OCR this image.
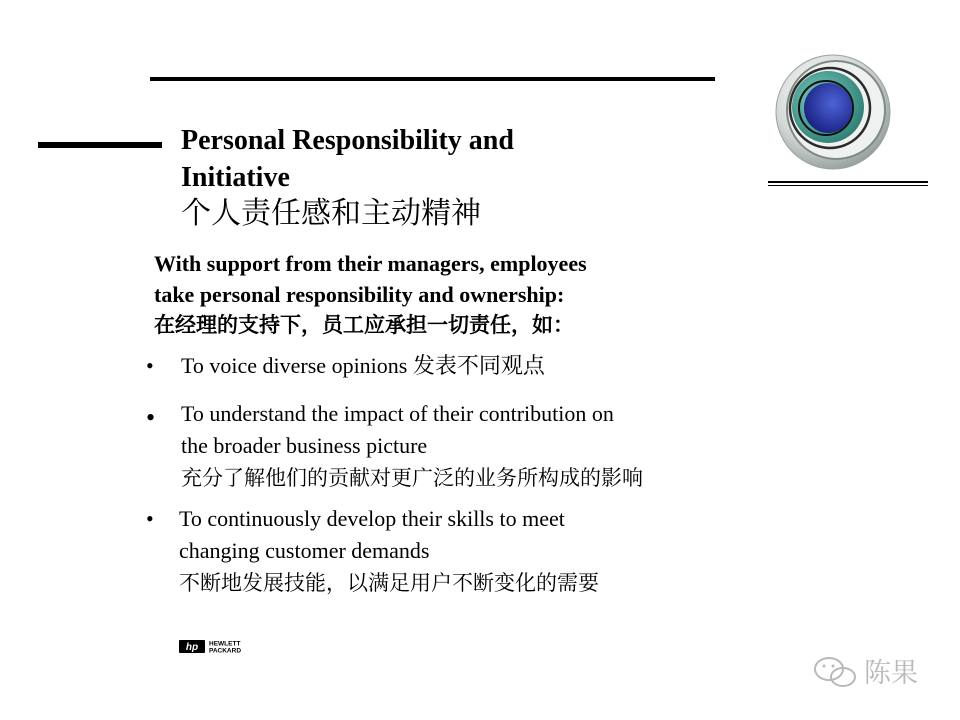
Personal Responsibility and
Initiative
个人责任感和主动精神
With support from their managers, employees
take personal responsibility and ownership:
在经理的支持下，员工应承担一切责任，如：
• To voice diverse opinions 发表不同观点
• To understand the impact of their contribution on
the broader business picture
充分了解他们的贡献对更广泛的业务所构成的影响
• To continuously develop their skills to meet
changing customer demands
不断地发展技能，以满足用户不断变化的需要
hp HEWLETT
PACKARD
陈果
